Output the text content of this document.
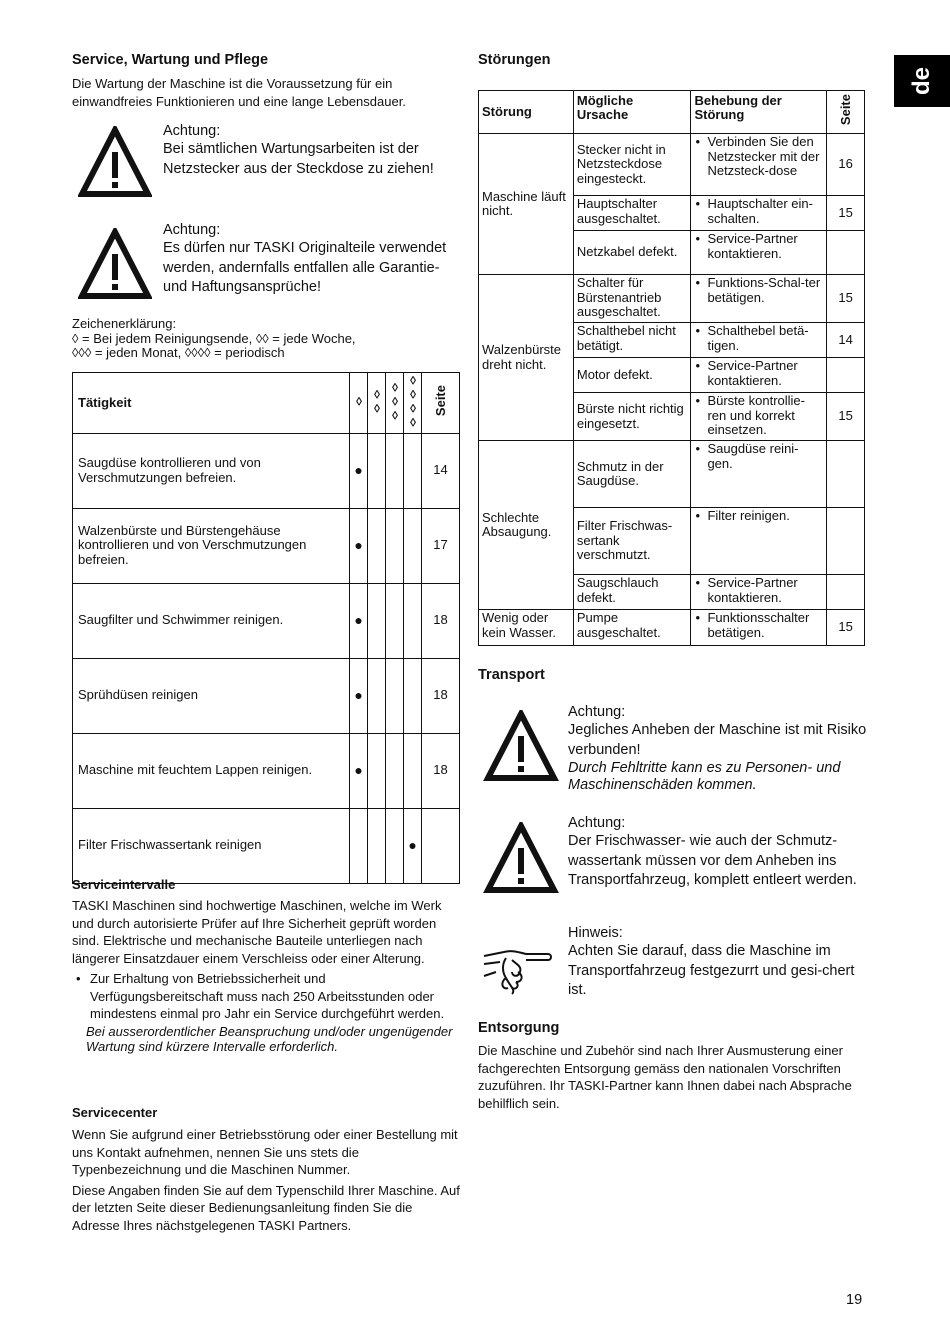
de
Service, Wartung und Pflege

Die Wartung der Maschine ist die Voraussetzung für ein einwandfreies Funktionieren und eine lange Lebensdauer.

Achtung:
Bei sämtlichen Wartungsarbeiten ist der Netzstecker aus der Steckdose zu ziehen!
Achtung:
Es dürfen nur TASKI Originalteile verwendet werden, andernfalls entfallen alle Garantie- und Haftungsansprüche!
Zeichenerklärung:
◊ = Bei jedem Reinigungsende, ◊◊ = jede Woche,
◊◊◊ = jeden Monat, ◊◊◊◊ = periodisch
Tätigkeit	◊	◊◊	◊◊◊	◊◊◊◊	Seite
Saugdüse kontrollieren und von Verschmutzungen befreien.	●				14
Walzenbürste und Bürstengehäuse kontrollieren und von Verschmutzungen befreien.	●				17
Saugfilter und Schwimmer reinigen.	●				18
Sprühdüsen reinigen	●				18
Maschine mit feuchtem Lappen reinigen.	●				18
Filter Frischwassertank reinigen				●	
Serviceintervalle

TASKI Maschinen sind hochwertige Maschinen, welche im Werk und durch autorisierte Prüfer auf Ihre Sicherheit geprüft worden sind. Elektrische und mechanische Bauteile unterliegen nach längerer Einsatzdauer einem Verschleiss oder einer Alterung.

• Zur Erhaltung von Betriebssicherheit und Verfügungsbereitschaft muss nach 250 Arbeitsstunden oder mindestens einmal pro Jahr ein Service durchgeführt werden.
Bei ausserordentlicher Beanspruchung und/oder ungenügender Wartung sind kürzere Intervalle erforderlich.
Servicecenter

Wenn Sie aufgrund einer Betriebsstörung oder einer Bestellung mit uns Kontakt aufnehmen, nennen Sie uns stets die Typenbezeichnung und die Maschinen Nummer.

Diese Angaben finden Sie auf dem Typenschild Ihrer Maschine. Auf der letzten Seite dieser Bedienungsanleitung finden Sie die Adresse Ihres nächstgelegenen TASKI Partners.

Störungen
Störung	Mögliche Ursache	Behebung der Störung	Seite
Maschine läuft nicht.	Stecker nicht in Netzsteckdose eingesteckt.	• Verbinden Sie den Netzstecker mit der Netzsteck-dose	16
	Hauptschalter ausgeschaltet.	• Hauptschalter ein-schalten.	15
	Netzkabel defekt.	• Service-Partner kontaktieren.	
Walzenbürste dreht nicht.	Schalter für Bürstenantrieb ausgeschaltet.	• Funktions-Schal-ter betätigen.	15
	Schalthebel nicht betätigt.	• Schalthebel betä-tigen.	14
	Motor defekt.	• Service-Partner kontaktieren.	
	Bürste nicht richtig eingesetzt.	• Bürste kontrollie-ren und korrekt einsetzen.	15
Schlechte Absaugung.	Schmutz in der Saugdüse.	• Saugdüse reini-gen.	
	Filter Frischwas-sertank verschmutzt.	• Filter reinigen.	
	Saugschlauch defekt.	• Service-Partner kontaktieren.	
Wenig oder kein Wasser.	Pumpe ausgeschaltet.	• Funktionsschalter betätigen.	15
Transport
Achtung:
Jegliches Anheben der Maschine ist mit Risiko verbunden!
Durch Fehltritte kann es zu Personen- und Maschinenschäden kommen.
Achtung:
Der Frischwasser- wie auch der Schmutz-wassertank müssen vor dem Anheben ins Transportfahrzeug, komplett entleert werden.
Hinweis:
Achten Sie darauf, dass die Maschine im Transportfahrzeug festgezurrt und gesi-chert ist.
Entsorgung

Die Maschine und Zubehör sind nach Ihrer Ausmusterung einer fachgerechten Entsorgung gemäss den nationalen Vorschriften zuzuführen. Ihr TASKI-Partner kann Ihnen dabei nach Absprache behilflich sein.

19
